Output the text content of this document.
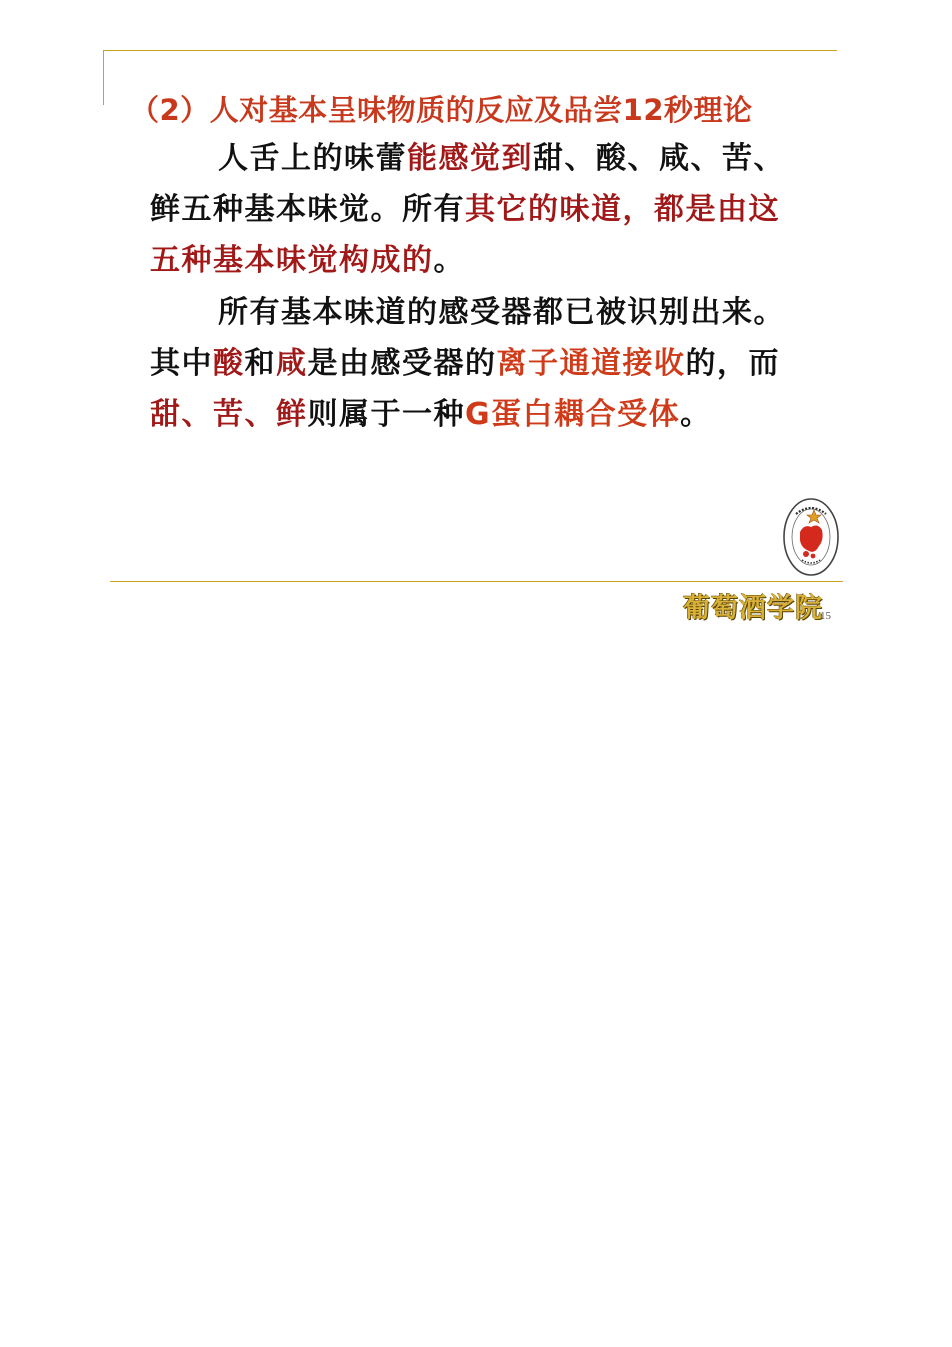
（2）人对基本呈味物质的反应及品尝12秒理论
人舌上的味蕾能感觉到甜、酸、咸、苦、鲜五种基本味觉。所有其它的味道，都是由这五种基本味觉构成的。
所有基本味道的感受器都已被识别出来。其中酸和咸是由感受器的离子通道接收的，而甜、苦、鲜则属于一种G蛋白耦合受体。
葡萄酒学院
15
